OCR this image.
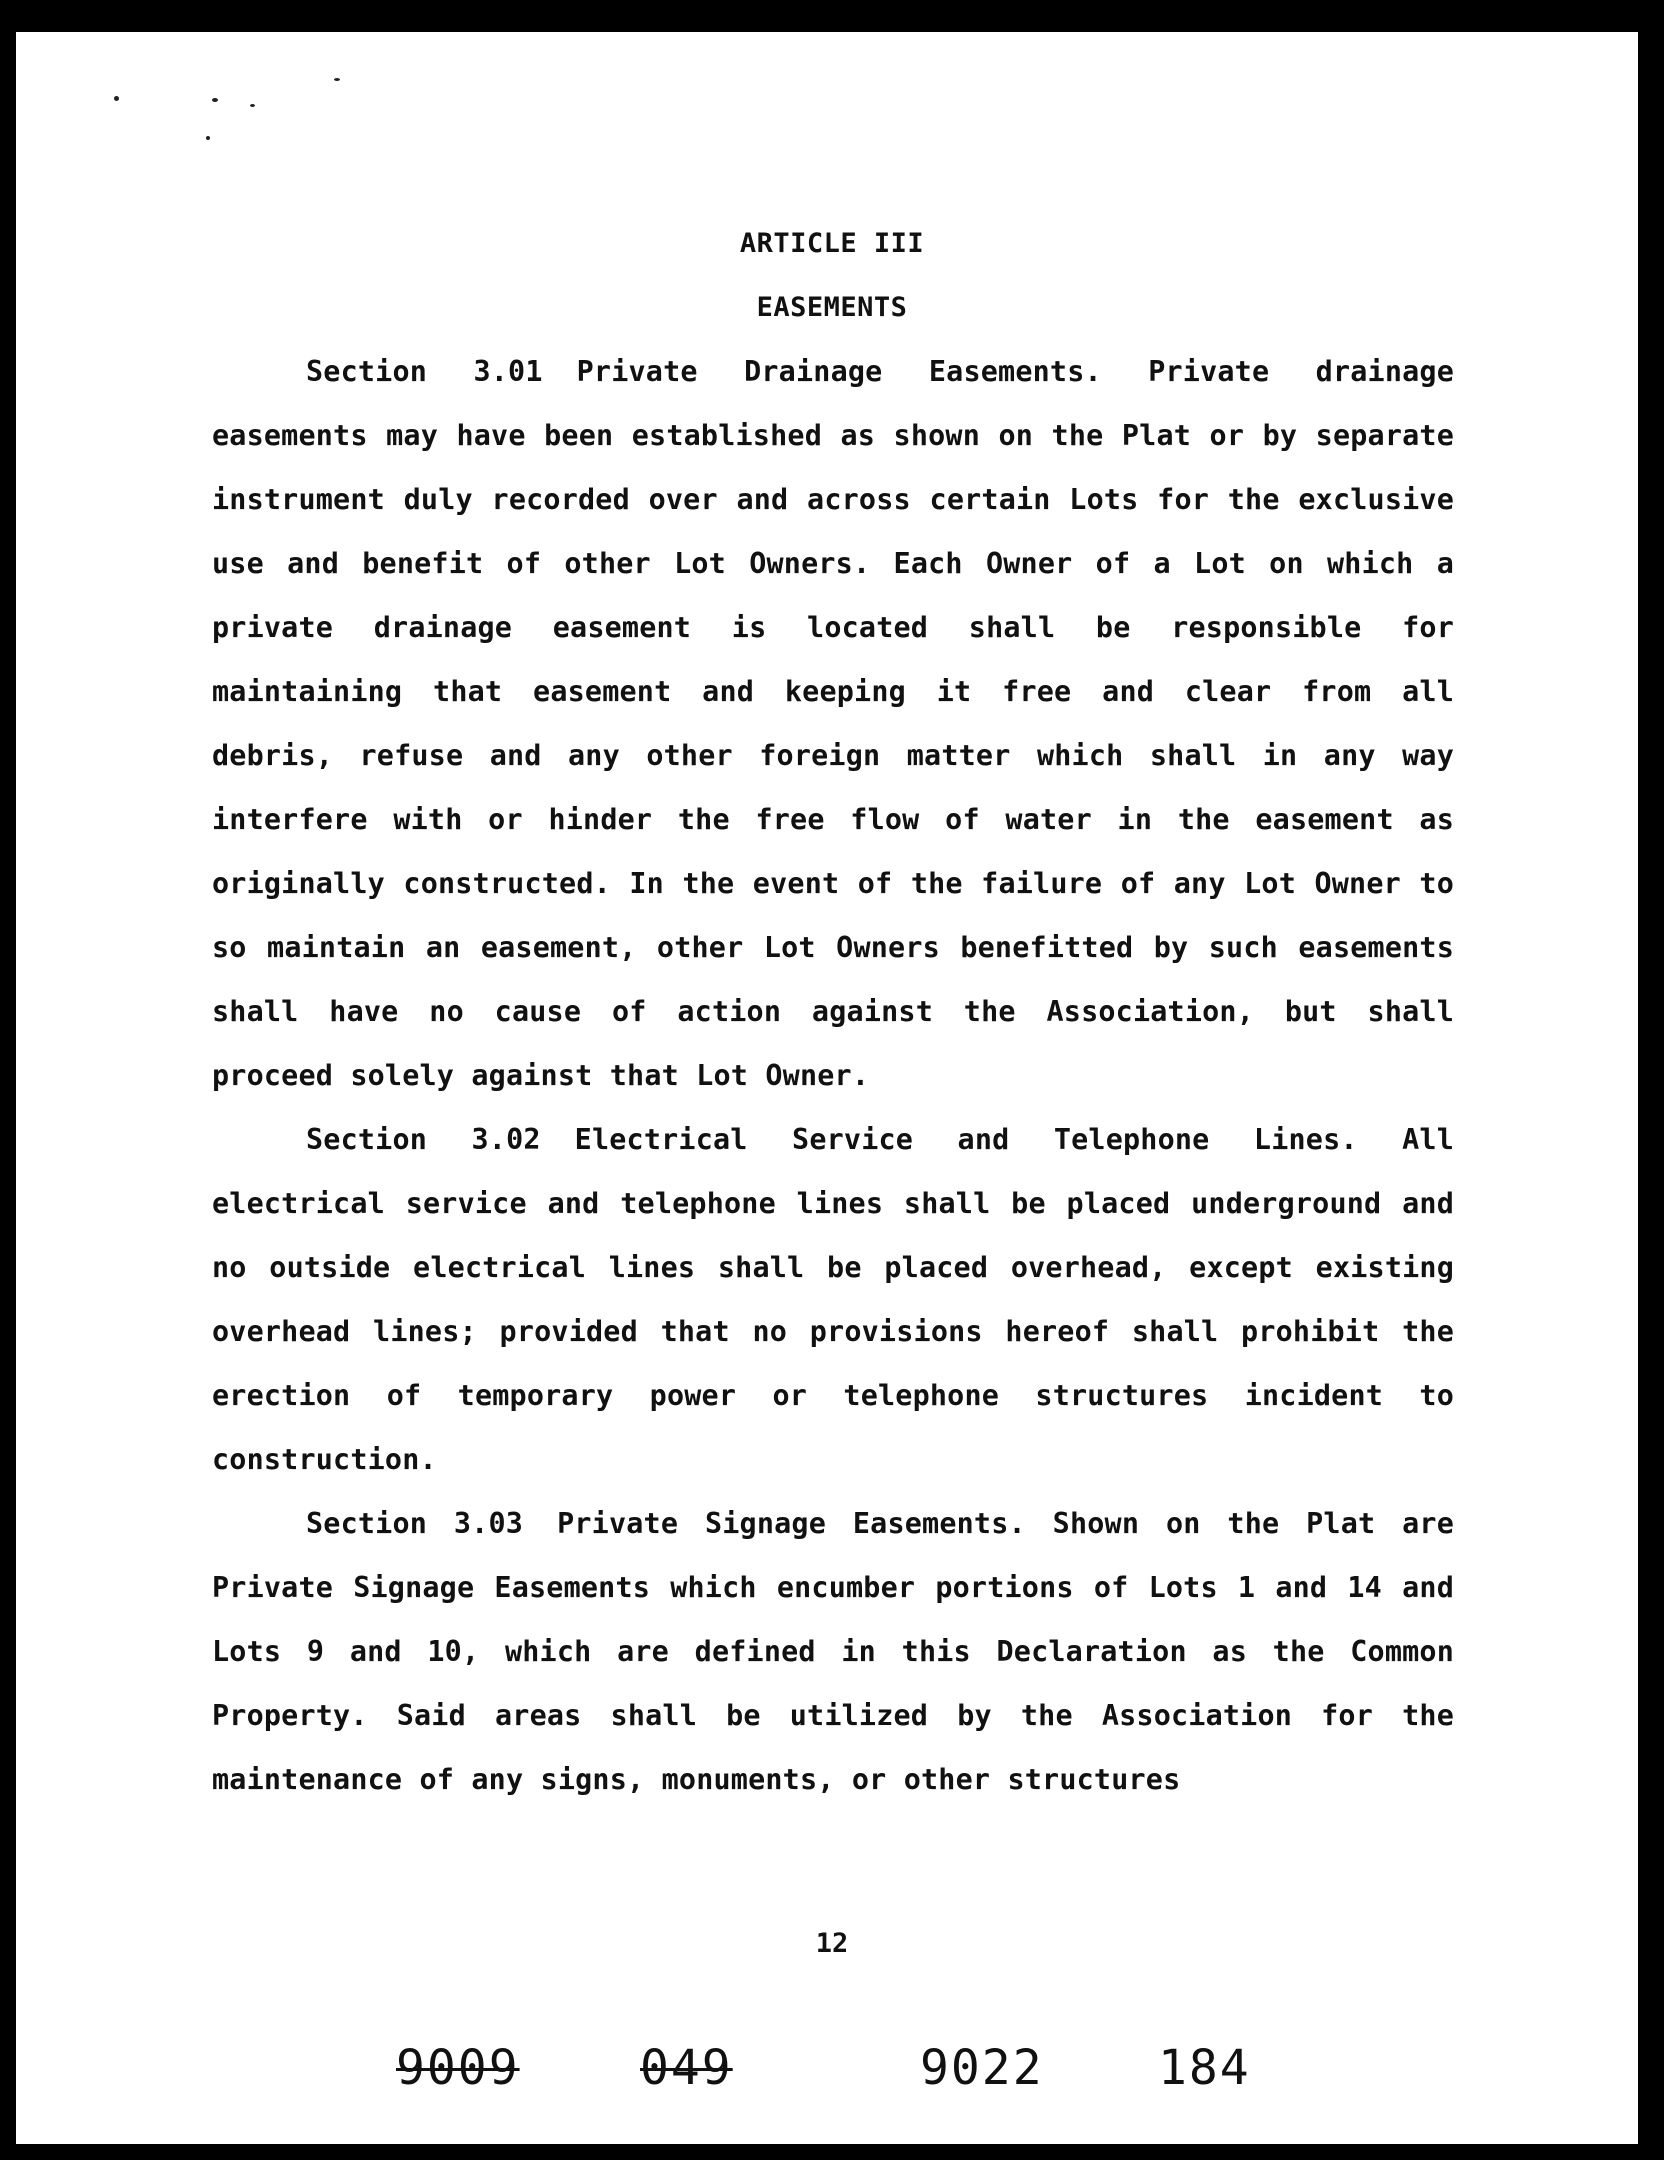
ARTICLE III
EASEMENTS

Section 3.01 Private Drainage Easements. Private drainage easements may have been established as shown on the Plat or by separate instrument duly recorded over and across certain Lots for the exclusive use and benefit of other Lot Owners. Each Owner of a Lot on which a private drainage easement is located shall be responsible for maintaining that easement and keeping it free and clear from all debris, refuse and any other foreign matter which shall in any way interfere with or hinder the free flow of water in the easement as originally constructed. In the event of the failure of any Lot Owner to so maintain an easement, other Lot Owners benefitted by such easements shall have no cause of action against the Association, but shall proceed solely against that Lot Owner.

Section 3.02 Electrical Service and Telephone Lines. All electrical service and telephone lines shall be placed underground and no outside electrical lines shall be placed overhead, except existing overhead lines; provided that no provisions hereof shall prohibit the erection of temporary power or telephone structures incident to construction.

Section 3.03 Private Signage Easements. Shown on the Plat are Private Signage Easements which encumber portions of Lots 1 and 14 and Lots 9 and 10, which are defined in this Declaration as the Common Property. Said areas shall be utilized by the Association for the maintenance of any signs, monuments, or other structures

12
9009	049	9022 184
